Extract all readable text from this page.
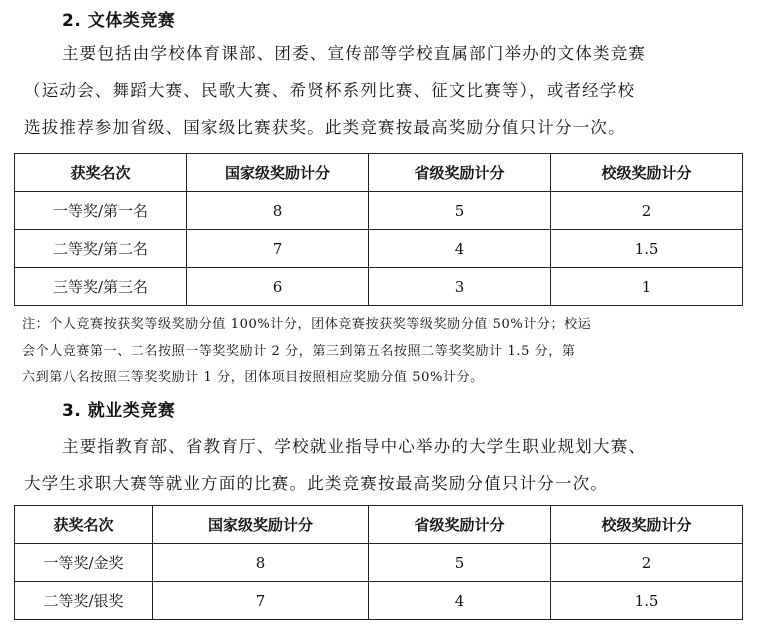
2. 文体类竞赛
主要包括由学校体育课部、团委、宣传部等学校直属部门举办的文体类竞赛
（运动会、舞蹈大赛、民歌大赛、希贤杯系列比赛、征文比赛等），或者经学校
选拔推荐参加省级、国家级比赛获奖。此类竞赛按最高奖励分值只计分一次。
获奖名次	国家级奖励计分	省级奖励计分	校级奖励计分
一等奖/第一名	8	5	2
二等奖/第二名	7	4	1.5
三等奖/第三名	6	3	1
注：个人竞赛按获奖等级奖励分值 100%计分，团体竞赛按获奖等级奖励分值 50%计分；校运
会个人竞赛第一、二名按照一等奖奖励计 2 分，第三到第五名按照二等奖奖励计 1.5 分，第
六到第八名按照三等奖奖励计 1 分，团体项目按照相应奖励分值 50%计分。
3. 就业类竞赛
主要指教育部、省教育厅、学校就业指导中心举办的大学生职业规划大赛、
大学生求职大赛等就业方面的比赛。此类竞赛按最高奖励分值只计分一次。
获奖名次	国家级奖励计分	省级奖励计分	校级奖励计分
一等奖/金奖	8	5	2
二等奖/银奖	7	4	1.5
